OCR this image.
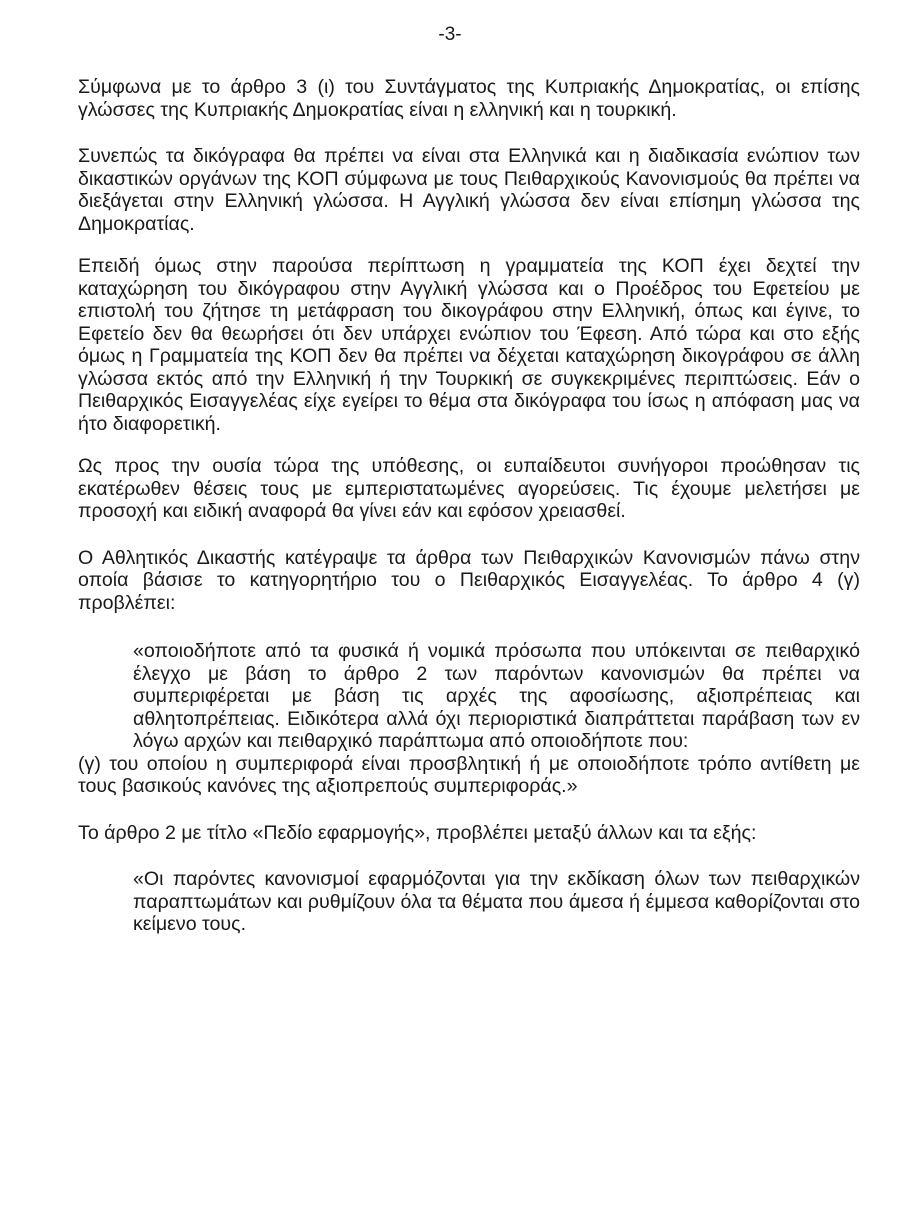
-3-

Σύμφωνα με το άρθρο 3 (ι) του Συντάγματος της Κυπριακής Δημοκρατίας, οι επίσης γλώσσες της Κυπριακής Δημοκρατίας είναι η ελληνική και η τουρκική.

Συνεπώς τα δικόγραφα θα πρέπει να είναι στα Ελληνικά και η διαδικασία ενώπιον των δικαστικών οργάνων της ΚΟΠ σύμφωνα με τους Πειθαρχικούς Κανονισμούς θα πρέπει να διεξάγεται στην Ελληνική γλώσσα. Η Αγγλική γλώσσα δεν είναι επίσημη γλώσσα της Δημοκρατίας.

Επειδή όμως στην παρούσα περίπτωση η γραμματεία της ΚΟΠ έχει δεχτεί την καταχώρηση του δικόγραφου στην Αγγλική γλώσσα και ο Προέδρος του Εφετείου με επιστολή του ζήτησε τη μετάφραση του δικογράφου στην Ελληνική, όπως και έγινε, το Εφετείο δεν θα θεωρήσει ότι δεν υπάρχει ενώπιον του Έφεση. Από τώρα και στο εξής όμως η Γραμματεία της ΚΟΠ δεν θα πρέπει να δέχεται καταχώρηση δικογράφου σε άλλη γλώσσα εκτός από την Ελληνική ή την Τουρκική σε συγκεκριμένες περιπτώσεις. Εάν ο Πειθαρχικός Εισαγγελέας είχε εγείρει το θέμα στα δικόγραφα του ίσως η απόφαση μας να ήτο διαφορετική.

Ως προς την ουσία τώρα της υπόθεσης, οι ευπαίδευτοι συνήγοροι προώθησαν τις εκατέρωθεν θέσεις τους με εμπεριστατωμένες αγορεύσεις. Τις έχουμε μελετήσει με προσοχή και ειδική αναφορά θα γίνει εάν και εφόσον χρειασθεί.

Ο Αθλητικός Δικαστής κατέγραψε τα άρθρα των Πειθαρχικών Κανονισμών πάνω στην οποία βάσισε το κατηγορητήριο του ο Πειθαρχικός Εισαγγελέας. Το άρθρο 4 (γ) προβλέπει:

«οποιοδήποτε από τα φυσικά ή νομικά πρόσωπα που υπόκεινται σε πειθαρχικό έλεγχο με βάση το άρθρο 2 των παρόντων κανονισμών θα πρέπει να συμπεριφέρεται με βάση τις αρχές της αφοσίωσης, αξιοπρέπειας και αθλητοπρέπειας. Ειδικότερα αλλά όχι περιοριστικά διαπράττεται παράβαση των εν λόγω αρχών και πειθαρχικό παράπτωμα από οποιοδήποτε που:

(γ) του οποίου η συμπεριφορά είναι προσβλητική ή με οποιοδήποτε τρόπο αντίθετη με τους βασικούς κανόνες της αξιοπρεπούς συμπεριφοράς.»

Το άρθρο 2 με τίτλο «Πεδίο εφαρμογής», προβλέπει μεταξύ άλλων και τα εξής:

«Οι παρόντες κανονισμοί εφαρμόζονται για την εκδίκαση όλων των πειθαρχικών παραπτωμάτων και ρυθμίζουν όλα τα θέματα που άμεσα ή έμμεσα καθορίζονται στο κείμενο τους.
